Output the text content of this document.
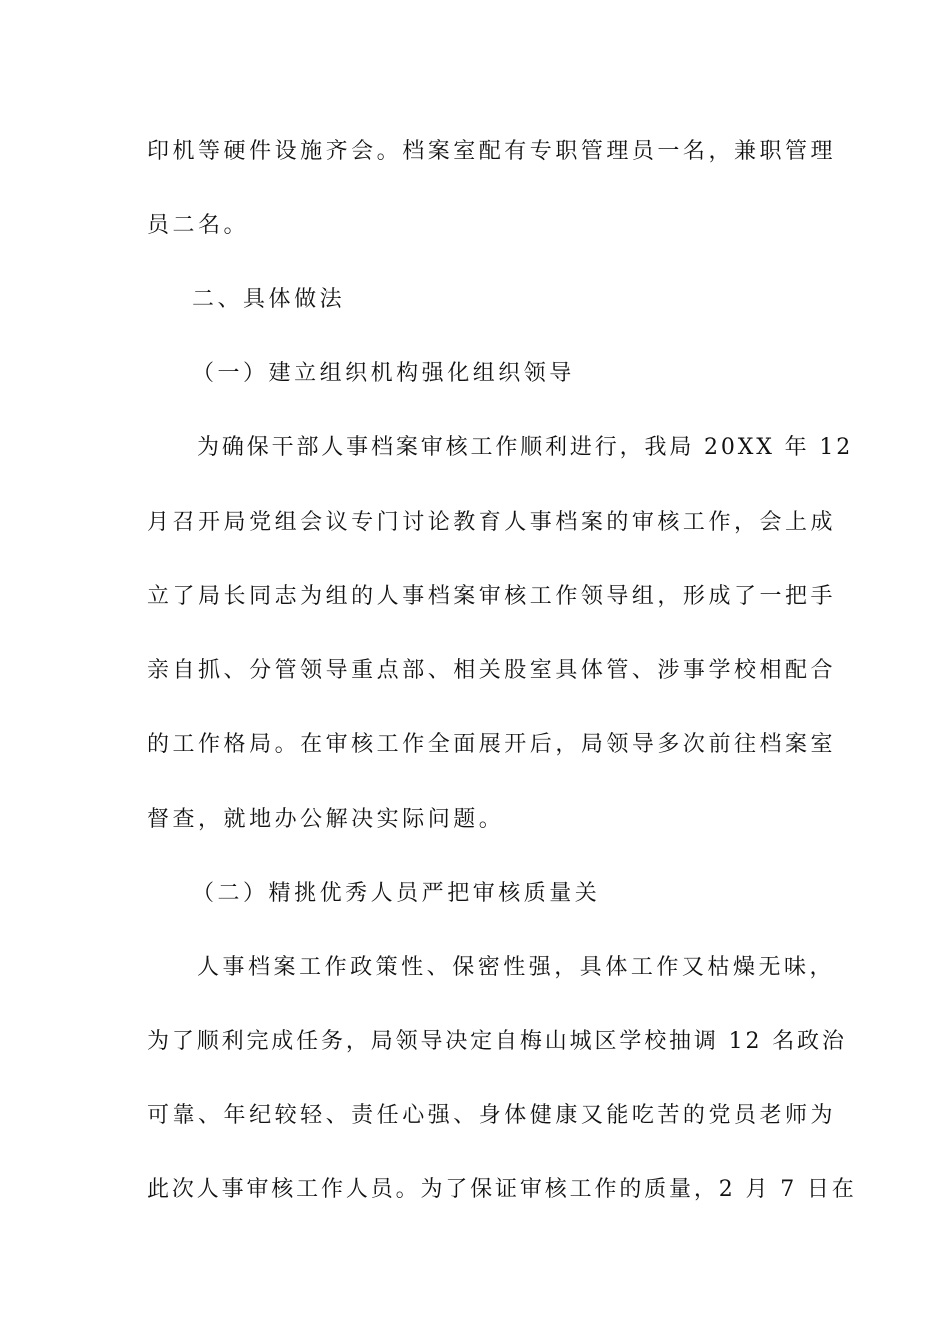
印机等硬件设施齐会。档案室配有专职管理员一名，兼职管理
员二名。
二、具体做法
（一）建立组织机构强化组织领导
为确保干部人事档案审核工作顺利进行，我局 20XX 年 12
月召开局党组会议专门讨论教育人事档案的审核工作，会上成
立了局长同志为组的人事档案审核工作领导组，形成了一把手
亲自抓、分管领导重点部、相关股室具体管、涉事学校相配合
的工作格局。在审核工作全面展开后，局领导多次前往档案室
督查，就地办公解决实际问题。
（二）精挑优秀人员严把审核质量关
人事档案工作政策性、保密性强，具体工作又枯燥无味，
为了顺利完成任务，局领导决定自梅山城区学校抽调 12 名政治
可靠、年纪较轻、责任心强、身体健康又能吃苦的党员老师为
此次人事审核工作人员。为了保证审核工作的质量，2 月 7 日在
